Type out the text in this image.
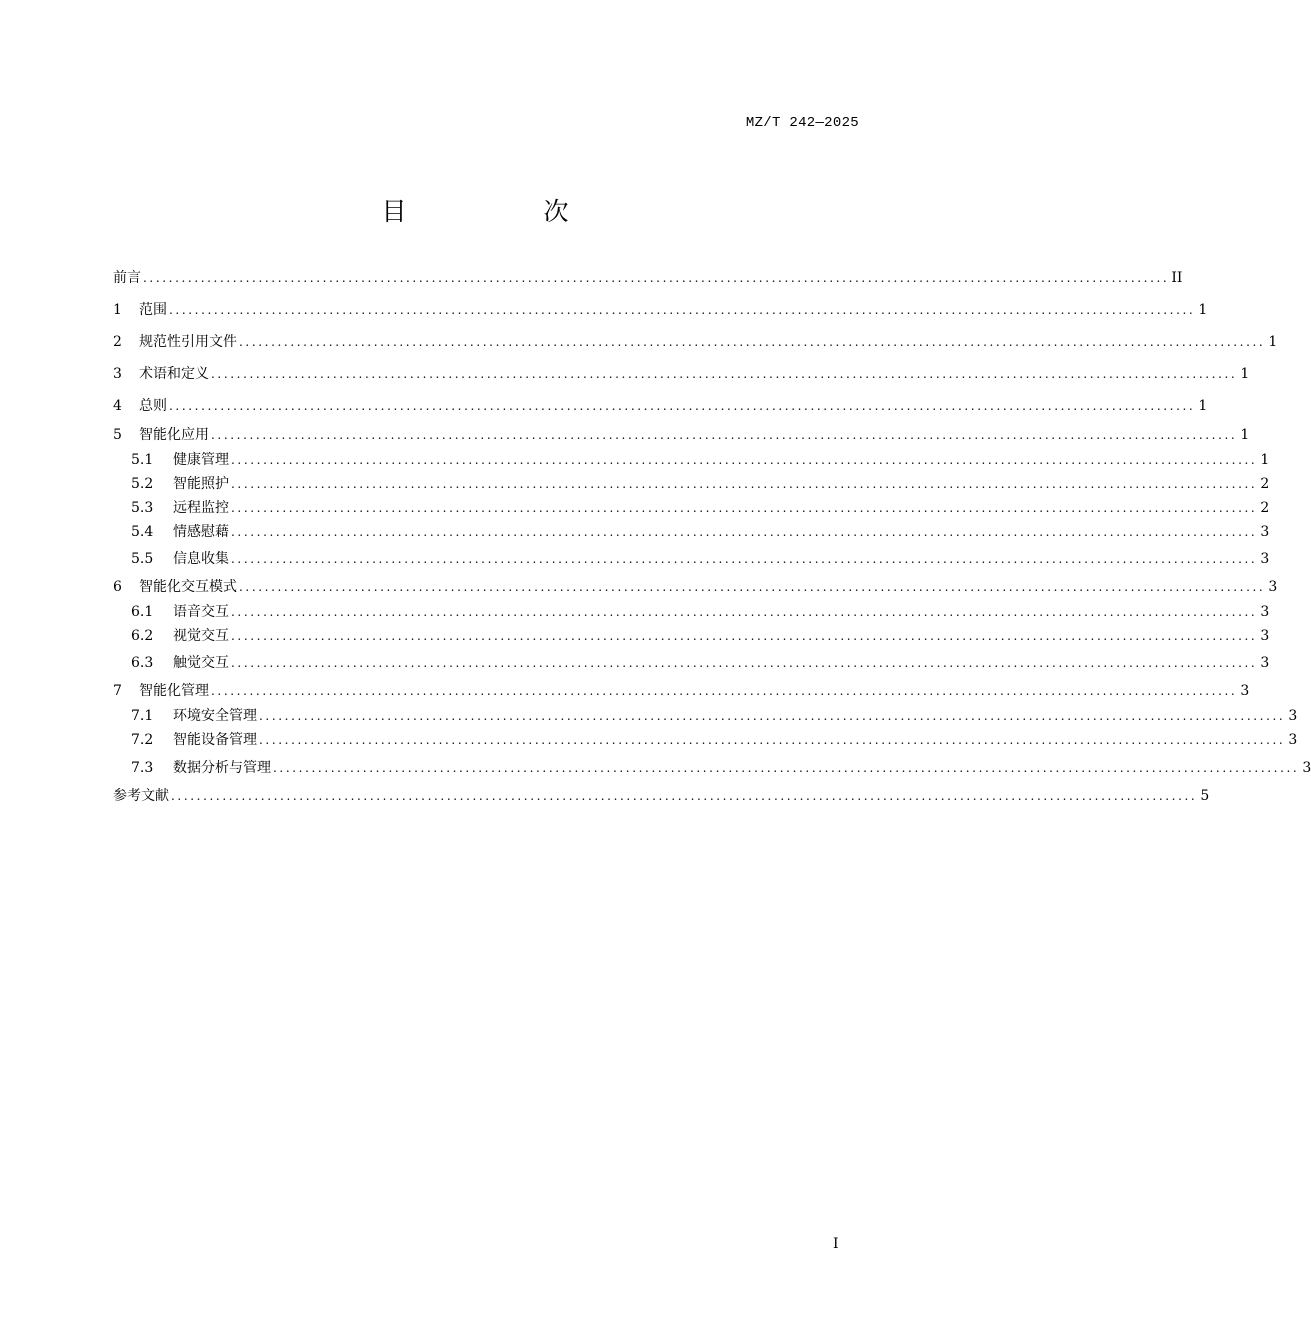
MZ/T 242—2025
目　次
前言 ................................................................................................................................................................ II
1	范围 ................................................................................................................................................................ 1
2	规范性引用文件 ................................................................................................................................................................ 1
3	术语和定义 ................................................................................................................................................................ 1
4	总则 ................................................................................................................................................................ 1
5	智能化应用 ................................................................................................................................................................ 1
5.1	健康管理 ................................................................................................................................................................ 1
5.2	智能照护 ................................................................................................................................................................ 2
5.3	远程监控 ................................................................................................................................................................ 2
5.4	情感慰藉 ................................................................................................................................................................ 3
5.5	信息收集 ................................................................................................................................................................ 3
6	智能化交互模式 ................................................................................................................................................................ 3
6.1	语音交互 ................................................................................................................................................................ 3
6.2	视觉交互 ................................................................................................................................................................ 3
6.3	触觉交互 ................................................................................................................................................................ 3
7	智能化管理 ................................................................................................................................................................ 3
7.1	环境安全管理 ................................................................................................................................................................ 3
7.2	智能设备管理 ................................................................................................................................................................ 3
7.3	数据分析与管理 ................................................................................................................................................................ 3
参考文献 ................................................................................................................................................................ 5
I
